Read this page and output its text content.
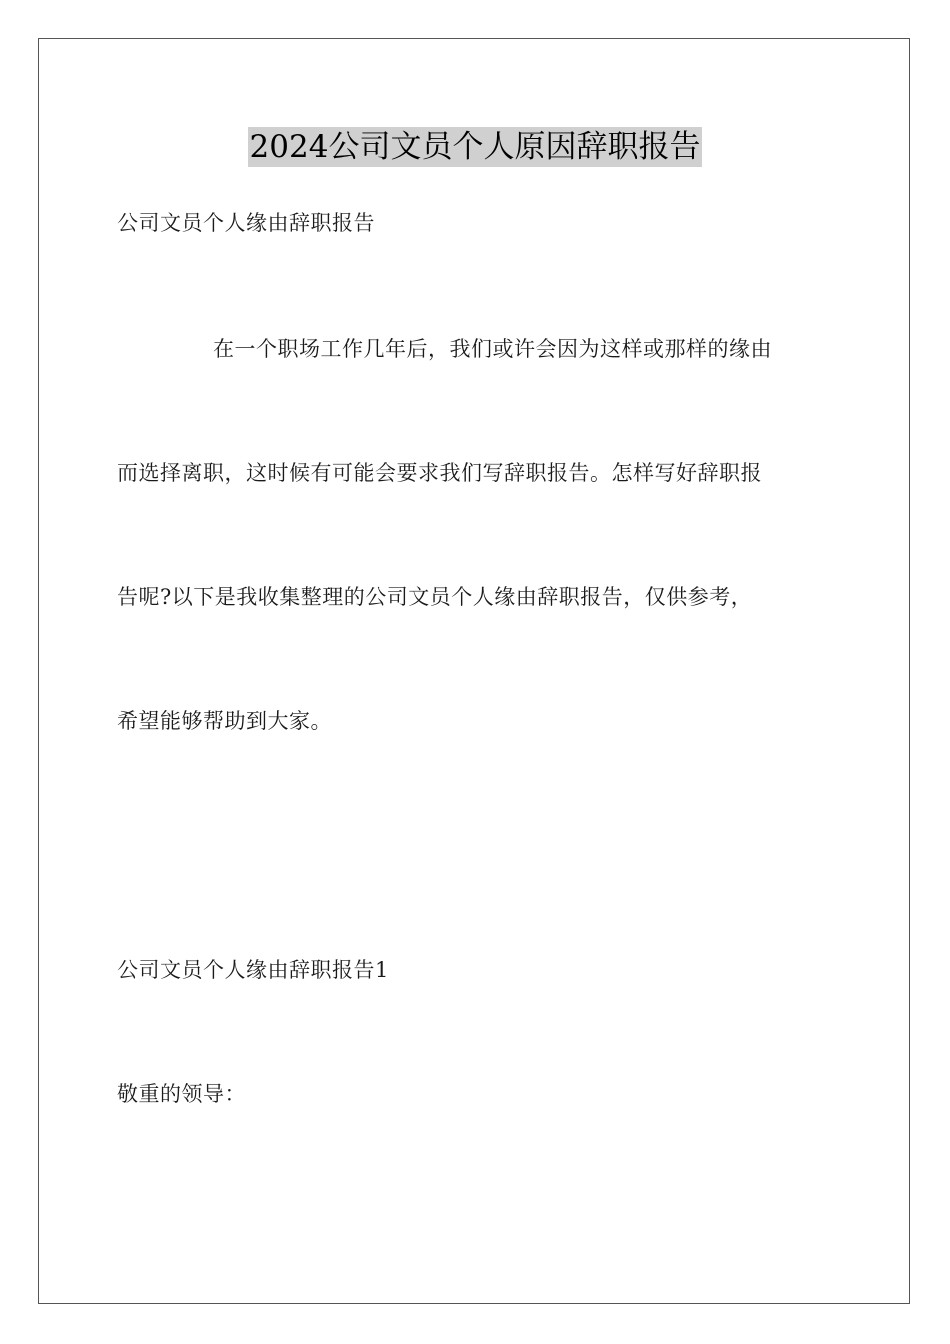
2024公司文员个人原因辞职报告
公司文员个人缘由辞职报告
在一个职场工作几年后，我们或许会因为这样或那样的缘由
而选择离职，这时候有可能会要求我们写辞职报告。怎样写好辞职报
告呢?以下是我收集整理的公司文员个人缘由辞职报告，仅供参考，
希望能够帮助到大家。
公司文员个人缘由辞职报告1
敬重的领导：
